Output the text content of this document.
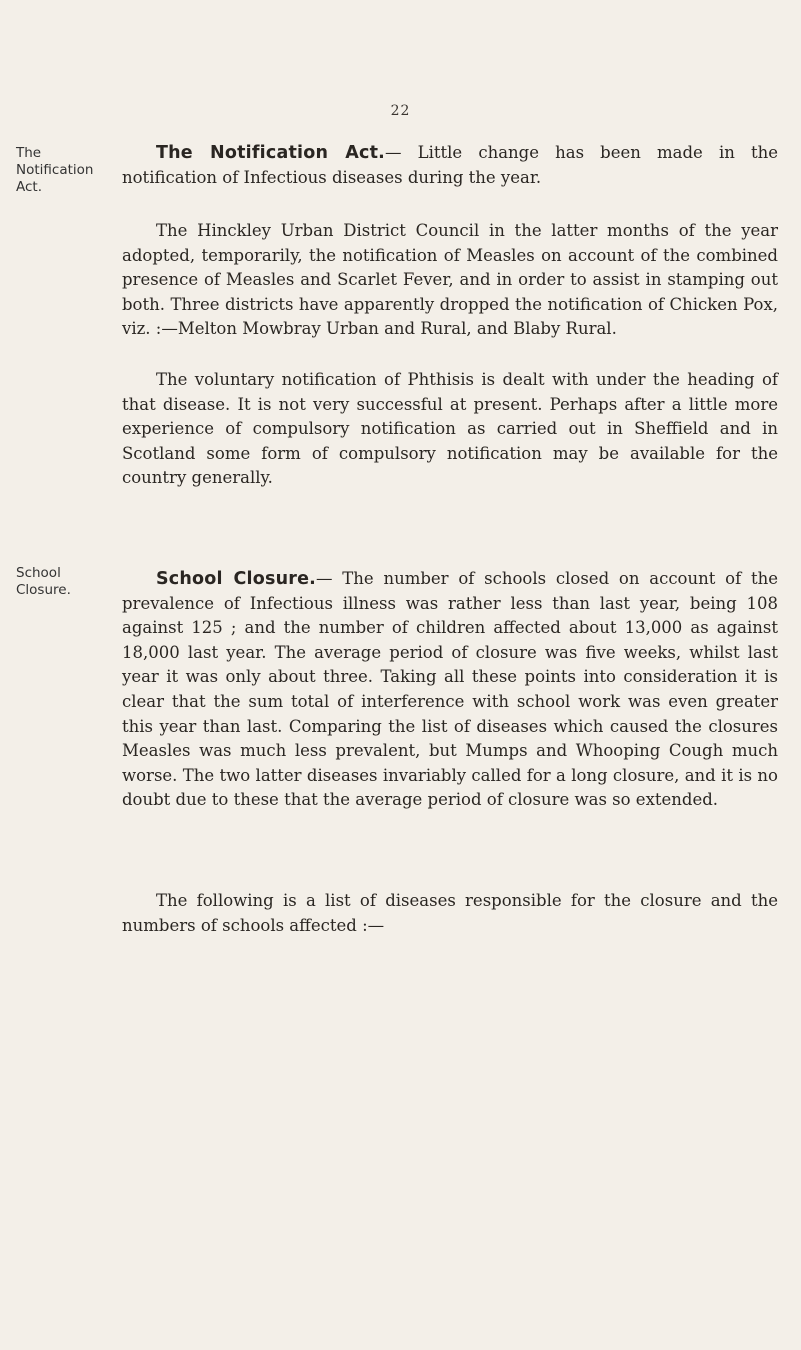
22
The
Notification
Act.

The Notification Act.— Little change has been made in the notification of Infectious diseases during the year.

The Hinckley Urban District Council in the latter months of the year adopted, temporarily, the notification of Measles on account of the combined presence of Measles and Scarlet Fever, and in order to assist in stamping out both. Three districts have apparently dropped the notification of Chicken Pox, viz. :—Melton Mowbray Urban and Rural, and Blaby Rural.

The voluntary notification of Phthisis is dealt with under the heading of that disease. It is not very successful at present. Perhaps after a little more experience of compulsory notification as carried out in Sheffield and in Scotland some form of compulsory notification may be available for the country generally.

School
Closure.

School Closure.— The number of schools closed on account of the prevalence of Infectious illness was rather less than last year, being 108 against 125 ; and the number of children affected about 13,000 as against 18,000 last year. The average period of closure was five weeks, whilst last year it was only about three. Taking all these points into consideration it is clear that the sum total of interference with school work was even greater this year than last. Comparing the list of diseases which caused the closures Measles was much less prevalent, but Mumps and Whooping Cough much worse. The two latter diseases invariably called for a long closure, and it is no doubt due to these that the average period of closure was so extended.

The following is a list of diseases responsible for the closure and the numbers of schools affected :—
